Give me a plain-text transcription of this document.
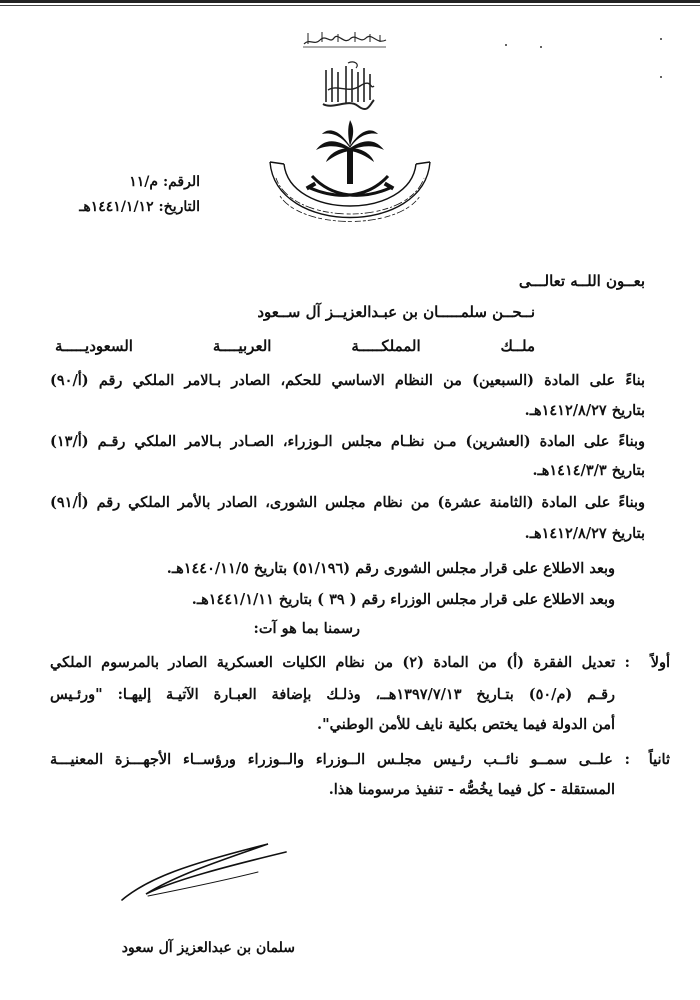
الرقم: م/١١
التاريخ: ١٤٤١/١/١٢هـ
بعــون اللــه تعالـــى
نــحــن سلمـــــان بن عبـدالعزيــز آل ســعود
ملــك المملكـــــة العربيــــة السعوديـــــة
بناءً على المادة (السبعين) من النظام الاساسي للحكم، الصادر بـالامر الملكي رقم (أ/٩٠)
بتاريخ ١٤١٢/٨/٢٧هـ.
وبناءً على المادة (العشرين) مـن نظـام مجلس الـوزراء، الصـادر بـالامر الملكي رقـم (أ/١٣)
بتاريخ ١٤١٤/٣/٣هـ.
وبناءً على المادة (الثامنة عشرة) من نظام مجلس الشورى، الصادر بالأمر الملكي رقم (أ/٩١)
بتاريخ ١٤١٢/٨/٢٧هـ.
وبعد الاطلاع على قرار مجلس الشورى رقم (٥١/١٩٦) بتاريخ ١٤٤٠/١١/٥هـ.
وبعد الاطلاع على قرار مجلس الوزراء رقم ( ٣٩ ) بتاريخ ١٤٤١/١/١١هـ.
رسمنا بما هو آت:
أولاً
: تعديل الفقرة (أ) من المادة (٢) من نظام الكليات العسكرية الصادر بالمرسوم الملكي
رقـم (م/٥٠) بتـاريخ ١٣٩٧/٧/١٣هــ، وذلـك بإضافة العبـارة الآتيـة إليهـا: "ورئـيس
أمن الدولة فيما يختص بكلية نايف للأمن الوطني".
ثانياً
: علــى سمــو نائــب رئـيس مجلـس الــوزراء والــوزراء ورؤســاء الأجهـــزة المعنيـــة
المستقلة - كل فيما يخُصُّه - تنفيذ مرسومنا هذا.
سلمان بن عبدالعزيز آل سعود
